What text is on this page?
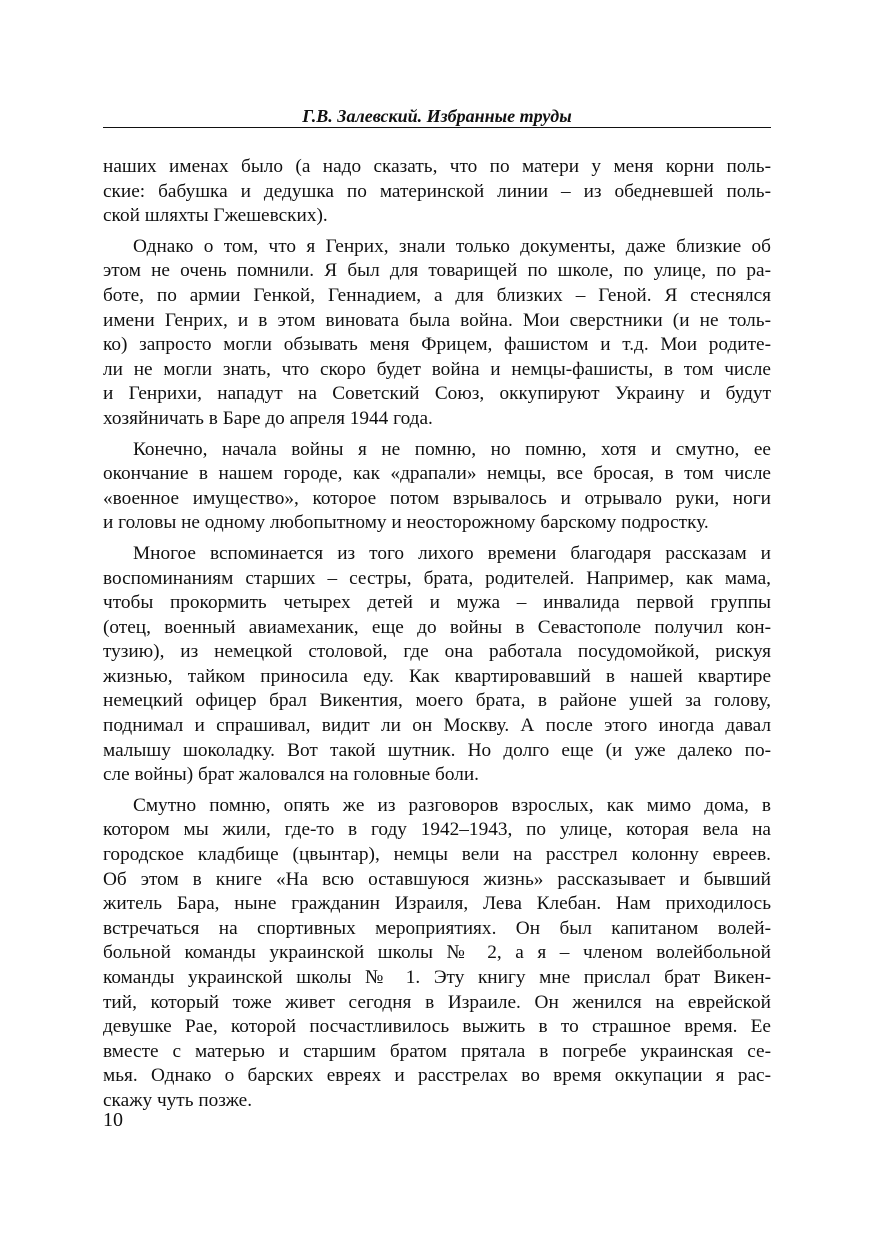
Г.В. Залевский. Избранные труды
наших именах было (а надо сказать, что по матери у меня корни поль-
ские: бабушка и дедушка по материнской линии – из обедневшей поль-
ской шляхты Гжешевских).
Однако о том, что я Генрих, знали только документы, даже близкие об
этом не очень помнили. Я был для товарищей по школе, по улице, по ра-
боте, по армии Генкой, Геннадием, а для близких – Геной. Я стеснялся
имени Генрих, и в этом виновата была война. Мои сверстники (и не толь-
ко) запросто могли обзывать меня Фрицем, фашистом и т.д. Мои родите-
ли не могли знать, что скоро будет война и немцы-фашисты, в том числе
и Генрихи, нападут на Советский Союз, оккупируют Украину и будут
хозяйничать в Баре до апреля 1944 года.
Конечно, начала войны я не помню, но помню, хотя и смутно, ее
окончание в нашем городе, как «драпали» немцы, все бросая, в том числе
«военное имущество», которое потом взрывалось и отрывало руки, ноги
и головы не одному любопытному и неосторожному барскому подростку.
Многое вспоминается из того лихого времени благодаря рассказам и
воспоминаниям старших – сестры, брата, родителей. Например, как мама,
чтобы прокормить четырех детей и мужа – инвалида первой группы
(отец, военный авиамеханик, еще до войны в Севастополе получил кон-
тузию), из немецкой столовой, где она работала посудомойкой, рискуя
жизнью, тайком приносила еду. Как квартировавший в нашей квартире
немецкий офицер брал Викентия, моего брата, в районе ушей за голову,
поднимал и спрашивал, видит ли он Москву. А после этого иногда давал
малышу шоколадку. Вот такой шутник. Но долго еще (и уже далеко по-
сле войны) брат жаловался на головные боли.
Смутно помню, опять же из разговоров взрослых, как мимо дома, в
котором мы жили, где-то в году 1942–1943, по улице, которая вела на
городское кладбище (цвынтар), немцы вели на расстрел колонну евреев.
Об этом в книге «На всю оставшуюся жизнь» рассказывает и бывший
житель Бара, ныне гражданин Израиля, Лева Клебан. Нам приходилось
встречаться на спортивных мероприятиях. Он был капитаном волей-
больной команды украинской школы № 2, а я – членом волейбольной
команды украинской школы № 1. Эту книгу мне прислал брат Викен-
тий, который тоже живет сегодня в Израиле. Он женился на еврейской
девушке Рае, которой посчастливилось выжить в то страшное время. Ее
вместе с матерью и старшим братом прятала в погребе украинская се-
мья. Однако о барских евреях и расстрелах во время оккупации я рас-
скажу чуть позже.
10
